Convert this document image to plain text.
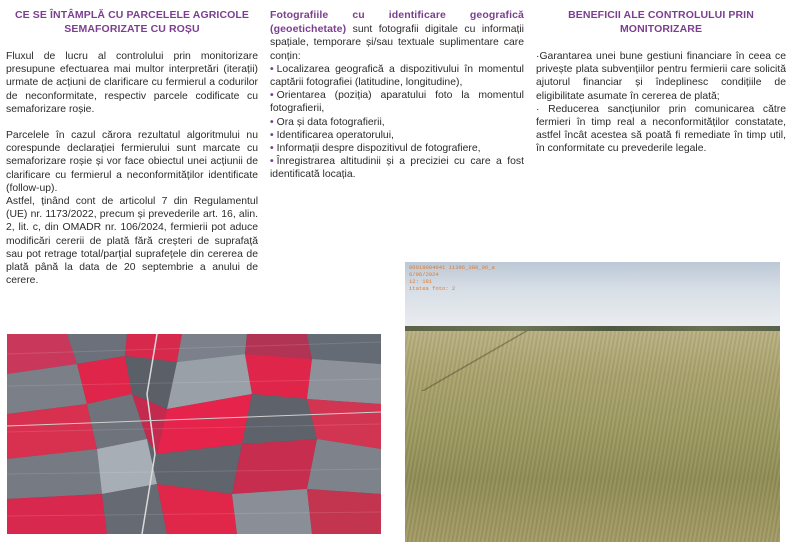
CE SE ÎNTÂMPLĂ CU PARCELELE AGRICOLE SEMAFORIZATE CU ROȘU

Fluxul de lucru al controlului prin monitorizare presupune efectuarea mai multor interpretări (iterații) urmate de acțiuni de clarificare cu fermierul a codurilor de neconformitate, respectiv parcele codificate cu semaforizare roșie.

Parcelele în cazul cărora rezultatul algoritmului nu corespunde declarației fermierului sunt marcate cu semaforizare roșie și vor face obiectul unei acțiunii de clarificare cu fermierul a neconformităților identificate (follow-up).

Astfel, ținând cont de articolul 7 din Regulamentul (UE) nr. 1173/2022, precum și prevederile art. 16, alin. 2, lit. c, din OMADR nr. 106/2024, fermierii pot aduce modificări cererii de plată fără creșteri de suprafață sau pot retrage total/parțial suprafețele din cererea de plată până la data de 20 septembrie a anului de cerere.

Fotografiile cu identificare geografică (geoetichetate) sunt fotografii digitale cu informații spațiale, temporare și/sau textuale suplimentare care conțin:
• Localizarea geografică a dispozitivului în momentul captării fotografiei (latitudine, longitudine),
• Orientarea (poziția) aparatului foto la momentul fotografierii,
• Ora și data fotografierii,
• Identificarea operatorului,
• Informații despre dispozitivul de fotografiere,
• Înregistrarea altitudinii și a preciziei cu care a fost identificată locația.
BENEFICII ALE CONTROLULUI PRIN MONITORIZARE

·Garantarea unei bune gestiuni financiare în ceea ce privește plata subvențiilor pentru fermierii care solicită ajutorul financiar și îndeplinesc condițiile de eligibilitate asumate în cererea de plată;

· Reducerea sancțiunilor prin comunicarea către fermieri în timp real a neconformităților constatate, astfel încât acestea să poată fi remediate în timp util, în conformitate cu prevederile legale.

00018004041 11396_380_06_a
6/06/2024
12: 181
itatea foto: 2
